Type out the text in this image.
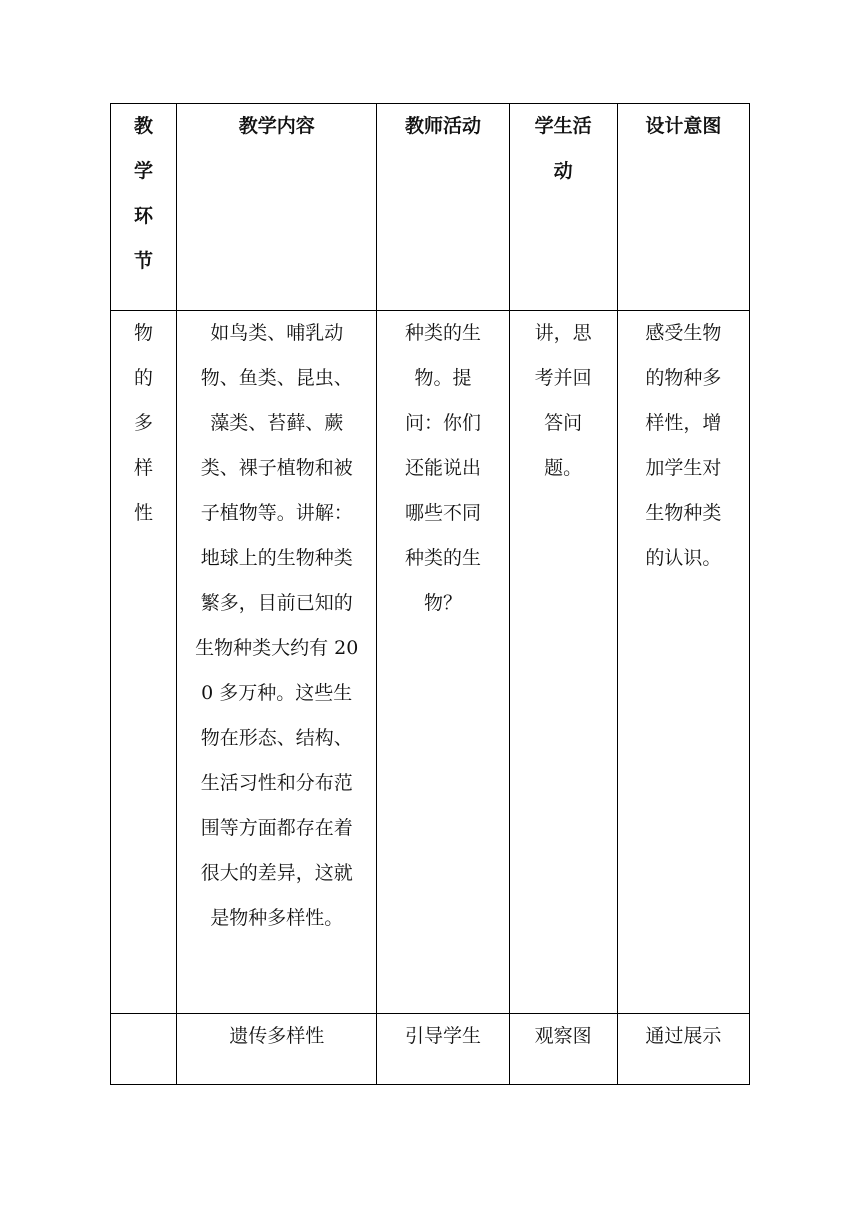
教学环节	教学内容	教师活动	学生活动	设计意图

物的多样性	如鸟类、哺乳动物、鱼类、昆虫、藻类、苔藓、蕨类、裸子植物和被子植物等。讲解：地球上的生物种类繁多，目前已知的生物种类大约有 200 多万种。这些生物在形态、结构、生活习性和分布范围等方面都存在着很大的差异，这就是物种多样性。	种类的生物。提问：你们还能说出哪些不同种类的生物？	讲，思考并回答问题。	感受生物的物种多样性，增加学生对生物种类的认识。

	遗传多样性	引导学生	观察图	通过展示
